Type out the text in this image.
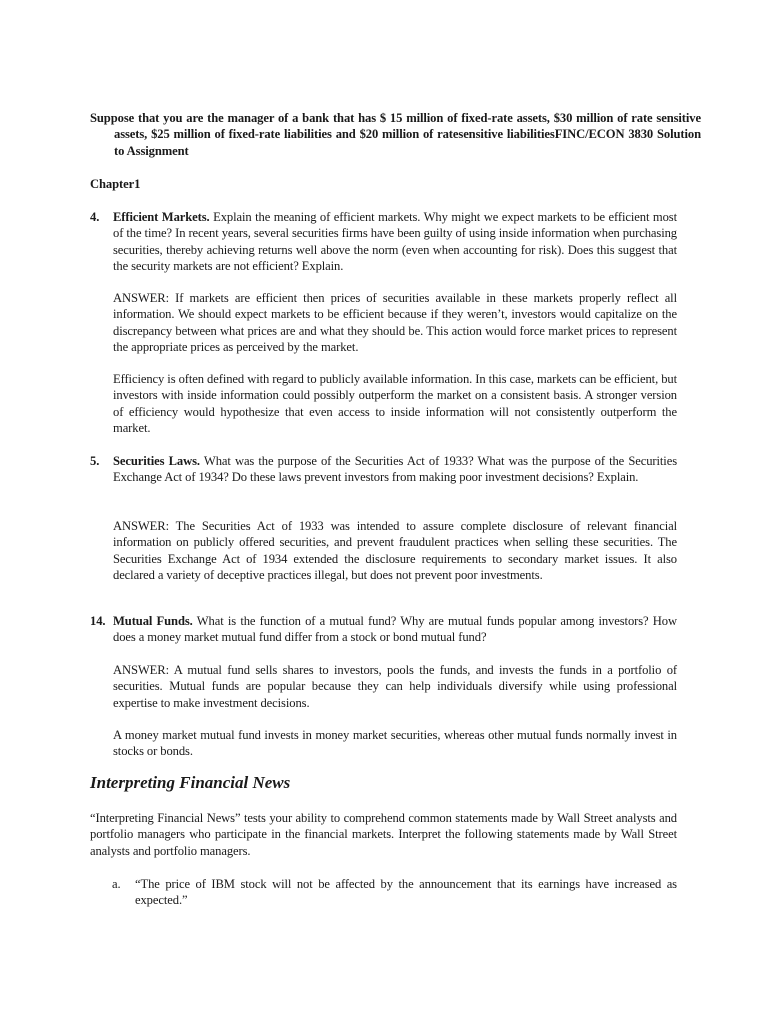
Suppose that you are the manager of a bank that has $ 15 million of fixed-rate assets, $30 million of rate sensitive assets, $25 million of fixed-rate liabilities and $20 million of ratesensitive liabilitiesFINC/ECON 3830 Solution to Assignment

Chapter1

4. Efficient Markets. Explain the meaning of efficient markets. Why might we expect markets to be efficient most of the time? In recent years, several securities firms have been guilty of using inside information when purchasing securities, thereby achieving returns well above the norm (even when accounting for risk). Does this suggest that the security markets are not efficient? Explain.

ANSWER: If markets are efficient then prices of securities available in these markets properly reflect all information. We should expect markets to be efficient because if they weren’t, investors would capitalize on the discrepancy between what prices are and what they should be. This action would force market prices to represent the appropriate prices as perceived by the market.

Efficiency is often defined with regard to publicly available information. In this case, markets can be efficient, but investors with inside information could possibly outperform the market on a consistent basis. A stronger version of efficiency would hypothesize that even access to inside information will not consistently outperform the market.

5. Securities Laws. What was the purpose of the Securities Act of 1933? What was the purpose of the Securities Exchange Act of 1934? Do these laws prevent investors from making poor investment decisions? Explain.

ANSWER: The Securities Act of 1933 was intended to assure complete disclosure of relevant financial information on publicly offered securities, and prevent fraudulent practices when selling these securities. The Securities Exchange Act of 1934 extended the disclosure requirements to secondary market issues. It also declared a variety of deceptive practices illegal, but does not prevent poor investments.

14. Mutual Funds. What is the function of a mutual fund? Why are mutual funds popular among investors? How does a money market mutual fund differ from a stock or bond mutual fund?

ANSWER: A mutual fund sells shares to investors, pools the funds, and invests the funds in a portfolio of securities. Mutual funds are popular because they can help individuals diversify while using professional expertise to make investment decisions.

A money market mutual fund invests in money market securities, whereas other mutual funds normally invest in stocks or bonds.

Interpreting Financial News

“Interpreting Financial News” tests your ability to comprehend common statements made by Wall Street analysts and portfolio managers who participate in the financial markets. Interpret the following statements made by Wall Street analysts and portfolio managers.

a. “The price of IBM stock will not be affected by the announcement that its earnings have increased as expected.”
